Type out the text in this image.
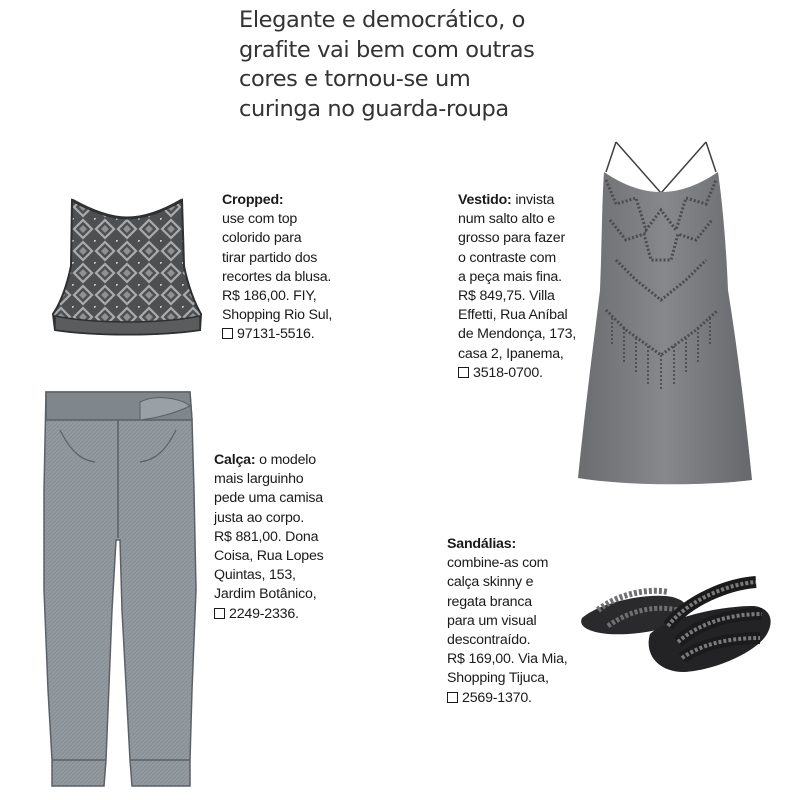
Elegante e democrático, o
grafite vai bem com outras
cores e tornou-se um
curinga no guarda-roupa
Cropped:
use com top
colorido para
tirar partido dos
recortes da blusa.
R$ 186,00. FIY,
Shopping Rio Sul,
97131-5516.
Vestido: invista
num salto alto e
grosso para fazer
o contraste com
a peça mais fina.
R$ 849,75. Villa
Effetti, Rua Aníbal
de Mendonça, 173,
casa 2, Ipanema,
3518-0700.
Calça: o modelo
mais larguinho
pede uma camisa
justa ao corpo.
R$ 881,00. Dona
Coisa, Rua Lopes
Quintas, 153,
Jardim Botânico,
2249-2336.
Sandálias:
combine-as com
calça skinny e
regata branca
para um visual
descontraído.
R$ 169,00. Via Mia,
Shopping Tijuca,
2569-1370.
